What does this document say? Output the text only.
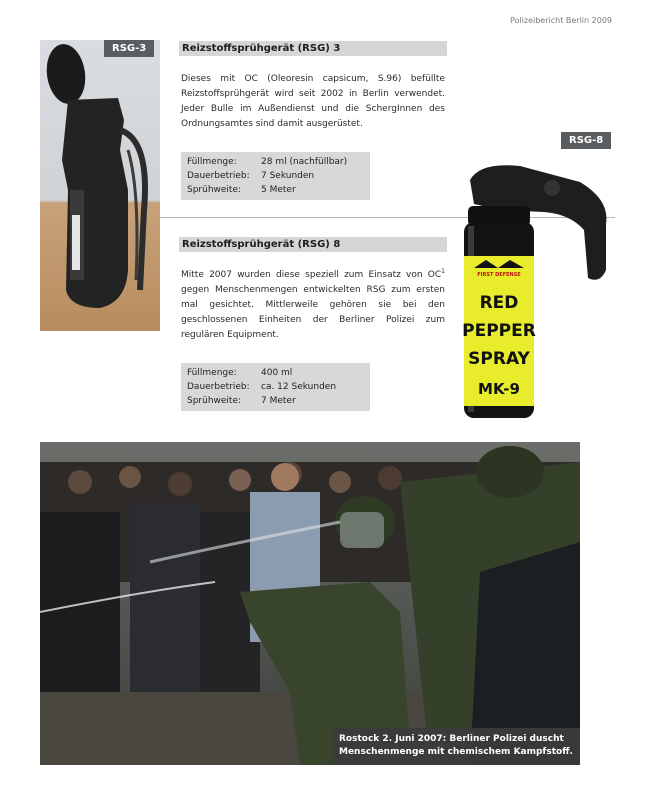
Polizeibericht Berlin 2009
RSG-3	Reizstoffsprühgerät (RSG) 3
Dieses mit OC (Oleoresin capsicum, S.96) befüllte Reizstoffsprühgerät wird seit 2002 in Berlin verwendet. Jeder Bulle im Außendienst und die SchergInnen des Ordnungsamtes sind damit ausgerüstet.
Füllmenge:	28 ml (nachfüllbar)
Dauerbetrieb:	7 Sekunden
Sprühweite:	5 Meter
Reizstoffsprühgerät (RSG) 8
Mitte 2007 wurden diese speziell zum Einsatz von $OC^1$ gegen Menschenmengen entwickelten RSG zum ersten mal gesichtet. Mittlerweile gehören sie bei den geschlossenen Einheiten der Berliner Polizei zum regulären Equipment.
Füllmenge:	400 ml
Dauerbetrieb:	ca. 12 Sekunden
Sprühweite:	7 Meter
RSG-8
FIRST DEFENSE
RED
PEPPER
SPRAY
MK-9
Rostock 2. Juni 2007: Berliner Polizei duscht Menschenmenge mit chemischem Kampfstoff.
